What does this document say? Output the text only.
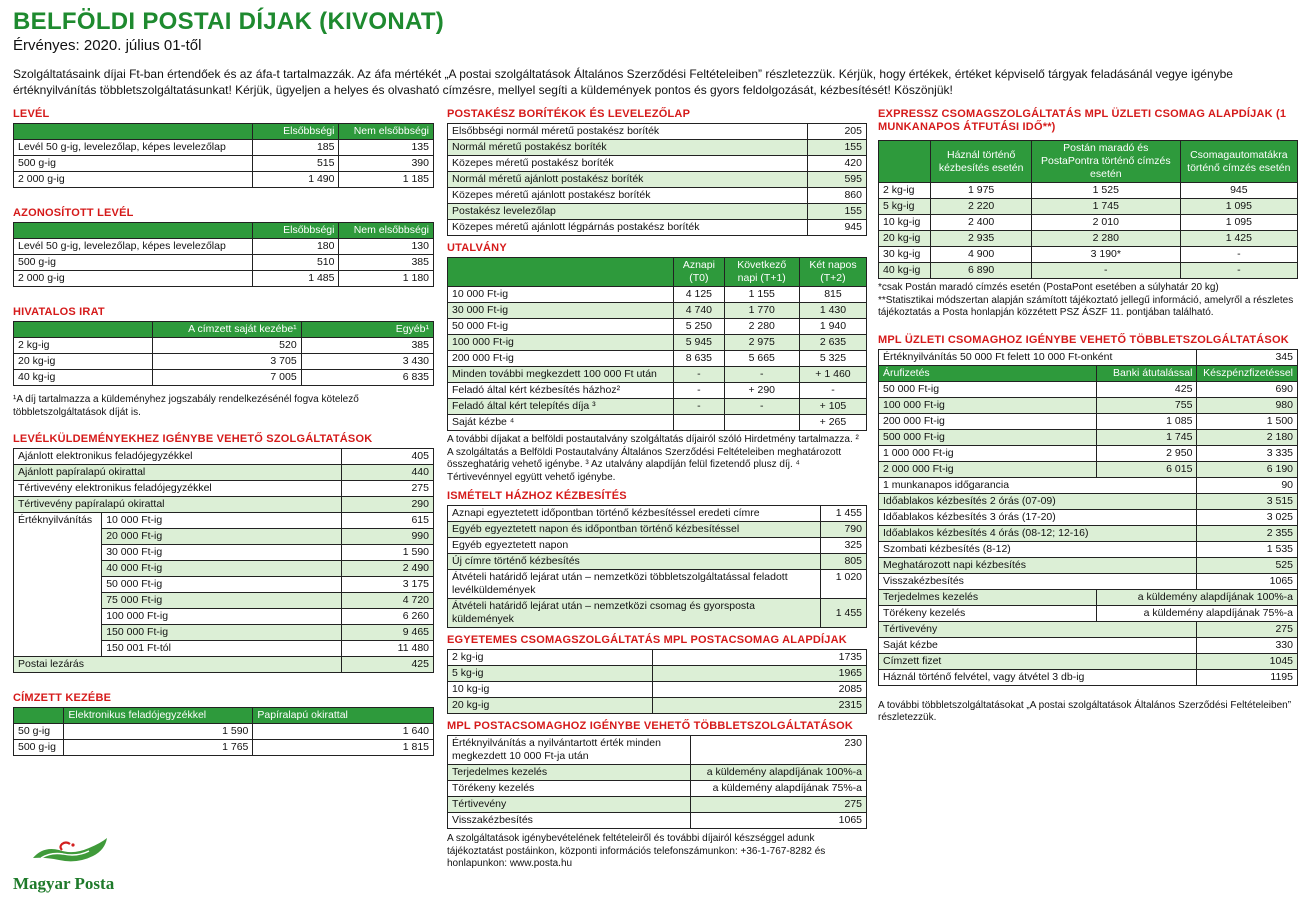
BELFÖLDI POSTAI DÍJAK (KIVONAT)
Érvényes: 2020. július 01-től
Szolgáltatásaink díjai Ft-ban értendőek és az áfa-t tartalmazzák. Az áfa mértékét „A postai szolgáltatások Általános Szerződési Feltételeiben” részletezzük. Kérjük, hogy értékek, értéket képviselő tárgyak feladásánál vegye igénybe értéknyilvánítás többletszolgáltatásunkat! Kérjük, ügyeljen a helyes és olvasható címzésre, mellyel segíti a küldemények pontos és gyors feldolgozását, kézbesítését! Köszönjük!
LEVÉL
	Elsőbbségi	Nem elsőbbségi
Levél 50 g-ig, levelezőlap, képes levelezőlap	185	135
500 g-ig	515	390
2 000 g-ig	1 490	1 185
AZONOSÍTOTT LEVÉL
	Elsőbbségi	Nem elsőbbségi
Levél 50 g-ig, levelezőlap, képes levelezőlap	180	130
500 g-ig	510	385
2 000 g-ig	1 485	1 180
HIVATALOS IRAT
	A címzett saját kezébe¹	Egyéb¹
2 kg-ig	520	385
20 kg-ig	3 705	3 430
40 kg-ig	7 005	6 835
¹A díj tartalmazza a küldeményhez jogszabály rendelkezésénél fogva kötelező többletszolgáltatások díját is.
LEVÉLKÜLDEMÉNYEKHEZ IGÉNYBE VEHETŐ SZOLGÁLTATÁSOK
Ajánlott elektronikus feladójegyzékkel		405
Ajánlott papíralapú okirattal		440
Tértivevény elektronikus feladójegyzékkel		275
Tértivevény papíralapú okirattal		290
Értéknyilvánítás	10 000 Ft-ig	615
	20 000 Ft-ig	990
	30 000 Ft-ig	1 590
	40 000 Ft-ig	2 490
	50 000 Ft-ig	3 175
	75 000 Ft-ig	4 720
	100 000 Ft-ig	6 260
	150 000 Ft-ig	9 465
	150 001 Ft-tól	11 480
Postai lezárás		425
CÍMZETT KEZÉBE
	Elektronikus feladójegyzékkel	Papíralapú okirattal
50 g-ig	1 590	1 640
500 g-ig	1 765	1 815
Magyar Posta
POSTAKÉSZ BORÍTÉKOK ÉS LEVELEZŐLAP
Elsőbbségi normál méretű postakész boríték	205
Normál méretű postakész boríték	155
Közepes méretű postakész boríték	420
Normál méretű ajánlott postakész boríték	595
Közepes méretű ajánlott postakész boríték	860
Postakész levelezőlap	155
Közepes méretű ajánlott légpárnás postakész boríték	945
UTALVÁNY
	Aznapi (T0)	Következő napi (T+1)	Két napos (T+2)
10 000 Ft-ig	4 125	1 155	815
30 000 Ft-ig	4 740	1 770	1 430
50 000 Ft-ig	5 250	2 280	1 940
100 000 Ft-ig	5 945	2 975	2 635
200 000 Ft-ig	8 635	5 665	5 325
Minden további megkezdett 100 000 Ft után	-	-	+ 1 460
Feladó által kért kézbesítés házhoz²	-	+ 290	-
Feladó által kért telepítés díja ³	-	-	+ 105
Saját kézbe ⁴			+ 265
A további díjakat a belföldi postautalvány szolgáltatás díjairól szóló Hirdetmény tartalmazza. ² A szolgáltatás a Belföldi Postautalvány Általános Szerződési Feltételeiben meghatározott összeghatárig vehető igénybe. ³ Az utalvány alapdíján felül fizetendő plusz díj. ⁴ Tértivevénnyel együtt vehető igénybe.
ISMÉTELT HÁZHOZ KÉZBESÍTÉS
Aznapi egyeztetett időpontban történő kézbesítéssel eredeti címre	1 455
Egyéb egyeztetett napon és időpontban történő kézbesítéssel	790
Egyéb egyeztetett napon	325
Új címre történő kézbesítés	805
Átvételi határidő lejárat után – nemzetközi többletszolgáltatással feladott levélküldemények	1 020
Átvételi határidő lejárat után – nemzetközi csomag és gyorsposta küldemények	1 455
EGYETEMES CSOMAGSZOLGÁLTATÁS MPL POSTACSOMAG ALAPDÍJAK
2 kg-ig	1735
5 kg-ig	1965
10 kg-ig	2085
20 kg-ig	2315
MPL POSTACSOMAGHOZ IGÉNYBE VEHETŐ TÖBBLETSZOLGÁLTATÁSOK
Értéknyilvánítás a nyilvántartott érték minden megkezdett 10 000 Ft-ja után	230
Terjedelmes kezelés	a küldemény alapdíjának 100%-a
Törékeny kezelés	a küldemény alapdíjának 75%-a
Tértivevény	275
Visszakézbesítés	1065
A szolgáltatások igénybevételének feltételeiről és további díjairól készséggel adunk tájékoztatást postáinkon, központi információs telefonszámunkon: +36-1-767-8282 és honlapunkon: www.posta.hu
EXPRESSZ CSOMAGSZOLGÁLTATÁS MPL ÜZLETI CSOMAG ALAPDÍJAK (1 MUNKANAPOS ÁTFUTÁSI IDŐ**)
	Háznál történő kézbesítés esetén	Postán maradó és PostaPontra történő címzés esetén	Csomagautomatákra történő címzés esetén
2 kg-ig	1 975	1 525	945
5 kg-ig	2 220	1 745	1 095
10 kg-ig	2 400	2 010	1 095
20 kg-ig	2 935	2 280	1 425
30 kg-ig	4 900	3 190*	-
40 kg-ig	6 890	-	-
*csak Postán maradó címzés esetén (PostaPont esetében a súlyhatár 20 kg)
**Statisztikai módszertan alapján számított tájékoztató jellegű információ, amelyről a részletes tájékoztatás a Posta honlapján közzétett PSZ ÁSZF 11. pontjában található.
MPL ÜZLETI CSOMAGHOZ IGÉNYBE VEHETŐ TÖBBLETSZOLGÁLTATÁSOK
Értéknyilvánítás 50 000 Ft felett 10 000 Ft-onként		345
Árufizetés	Banki átutalással	Készpénzfizetéssel
50 000 Ft-ig	425	690
100 000 Ft-ig	755	980
200 000 Ft-ig	1 085	1 500
500 000 Ft-ig	1 745	2 180
1 000 000 Ft-ig	2 950	3 335
2 000 000 Ft-ig	6 015	6 190
1 munkanapos időgarancia		90
Időablakos kézbesítés 2 órás (07-09)		3 515
Időablakos kézbesítés 3 órás (17-20)		3 025
Időablakos kézbesítés 4 órás (08-12; 12-16)		2 355
Szombati kézbesítés (8-12)		1 535
Meghatározott napi kézbesítés		525
Visszakézbesítés		1065
Terjedelmes kezelés	a küldemény alapdíjának 100%-a	
Törékeny kezelés	a küldemény alapdíjának 75%-a	
Tértivevény		275
Saját kézbe		330
Címzett fizet		1045
Háznál történő felvétel, vagy átvétel 3 db-ig		1195
A további többletszolgáltatásokat „A postai szolgáltatások Általános Szerződési Feltételeiben” részletezzük.
